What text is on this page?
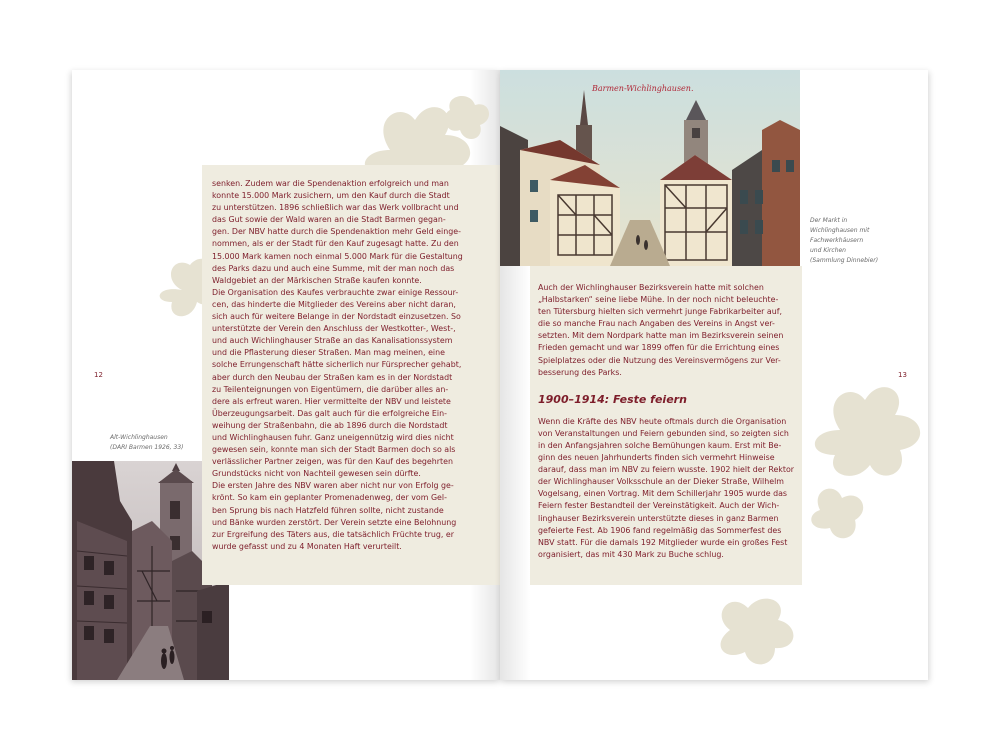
12
Alt-Wichlinghausen
(DARI Barmen 1926, 33)

senken. Zudem war die Spendenaktion erfolgreich und man
konnte 15.000 Mark zusichern, um den Kauf durch die Stadt
zu unterstützen. 1896 schließlich war das Werk vollbracht und
das Gut sowie der Wald waren an die Stadt Barmen gegan-
gen. Der NBV hatte durch die Spendenaktion mehr Geld einge-
nommen, als er der Stadt für den Kauf zugesagt hatte. Zu den
15.000 Mark kamen noch einmal 5.000 Mark für die Gestaltung
des Parks dazu und auch eine Summe, mit der man noch das
Waldgebiet an der Märkischen Straße kaufen konnte.

Die Organisation des Kaufes verbrauchte zwar einige Ressour-
cen, das hinderte die Mitglieder des Vereins aber nicht daran,
sich auch für weitere Belange in der Nordstadt einzusetzen. So
unterstützte der Verein den Anschluss der Westkotter-, West-,
und auch Wichlinghauser Straße an das Kanalisationssystem
und die Pflasterung dieser Straßen. Man mag meinen, eine
solche Errungenschaft hätte sicherlich nur Fürsprecher gehabt,
aber durch den Neubau der Straßen kam es in der Nordstadt
zu Teilenteignungen von Eigentümern, die darüber alles an-
dere als erfreut waren. Hier vermittelte der NBV und leistete
Überzeugungsarbeit. Das galt auch für die erfolgreiche Ein-
weihung der Straßenbahn, die ab 1896 durch die Nordstadt
und Wichlinghausen fuhr. Ganz uneigennützig wird dies nicht
gewesen sein, konnte man sich der Stadt Barmen doch so als
verlässlicher Partner zeigen, was für den Kauf des begehrten
Grundstücks nicht von Nachteil gewesen sein dürfte.

Die ersten Jahre des NBV waren aber nicht nur von Erfolg ge-
krönt. So kam ein geplanter Promenadenweg, der vom Gel-
ben Sprung bis nach Hatzfeld führen sollte, nicht zustande
und Bänke wurden zerstört. Der Verein setzte eine Belohnung
zur Ergreifung des Täters aus, die tatsächlich Früchte trug, er
wurde gefasst und zu 4 Monaten Haft verurteilt.

13
Der Markt in
Wichlinghausen mit
Fachwerkhäusern
und Kirchen
(Sammlung Dinnebier)
Barmen-Wichlinghausen.

Auch der Wichlinghauser Bezirksverein hatte mit solchen
„Halbstarken“ seine liebe Mühe. In der noch nicht beleuchte-
ten Tütersburg hielten sich vermehrt junge Fabrikarbeiter auf,
die so manche Frau nach Angaben des Vereins in Angst ver-
setzten. Mit dem Nordpark hatte man im Bezirksverein seinen
Frieden gemacht und war 1899 offen für die Errichtung eines
Spielplatzes oder die Nutzung des Vereinsvermögens zur Ver-
besserung des Parks.

1900–1914: Feste feiern

Wenn die Kräfte des NBV heute oftmals durch die Organisation
von Veranstaltungen und Feiern gebunden sind, so zeigten sich
in den Anfangsjahren solche Bemühungen kaum. Erst mit Be-
ginn des neuen Jahrhunderts finden sich vermehrt Hinweise
darauf, dass man im NBV zu feiern wusste. 1902 hielt der Rektor
der Wichlinghauser Volksschule an der Dieker Straße, Wilhelm
Vogelsang, einen Vortrag. Mit dem Schillerjahr 1905 wurde das
Feiern fester Bestandteil der Vereinstätigkeit. Auch der Wich-
linghauser Bezirksverein unterstützte dieses in ganz Barmen
gefeierte Fest. Ab 1906 fand regelmäßig das Sommerfest des
NBV statt. Für die damals 192 Mitglieder wurde ein großes Fest
organisiert, das mit 430 Mark zu Buche schlug.
